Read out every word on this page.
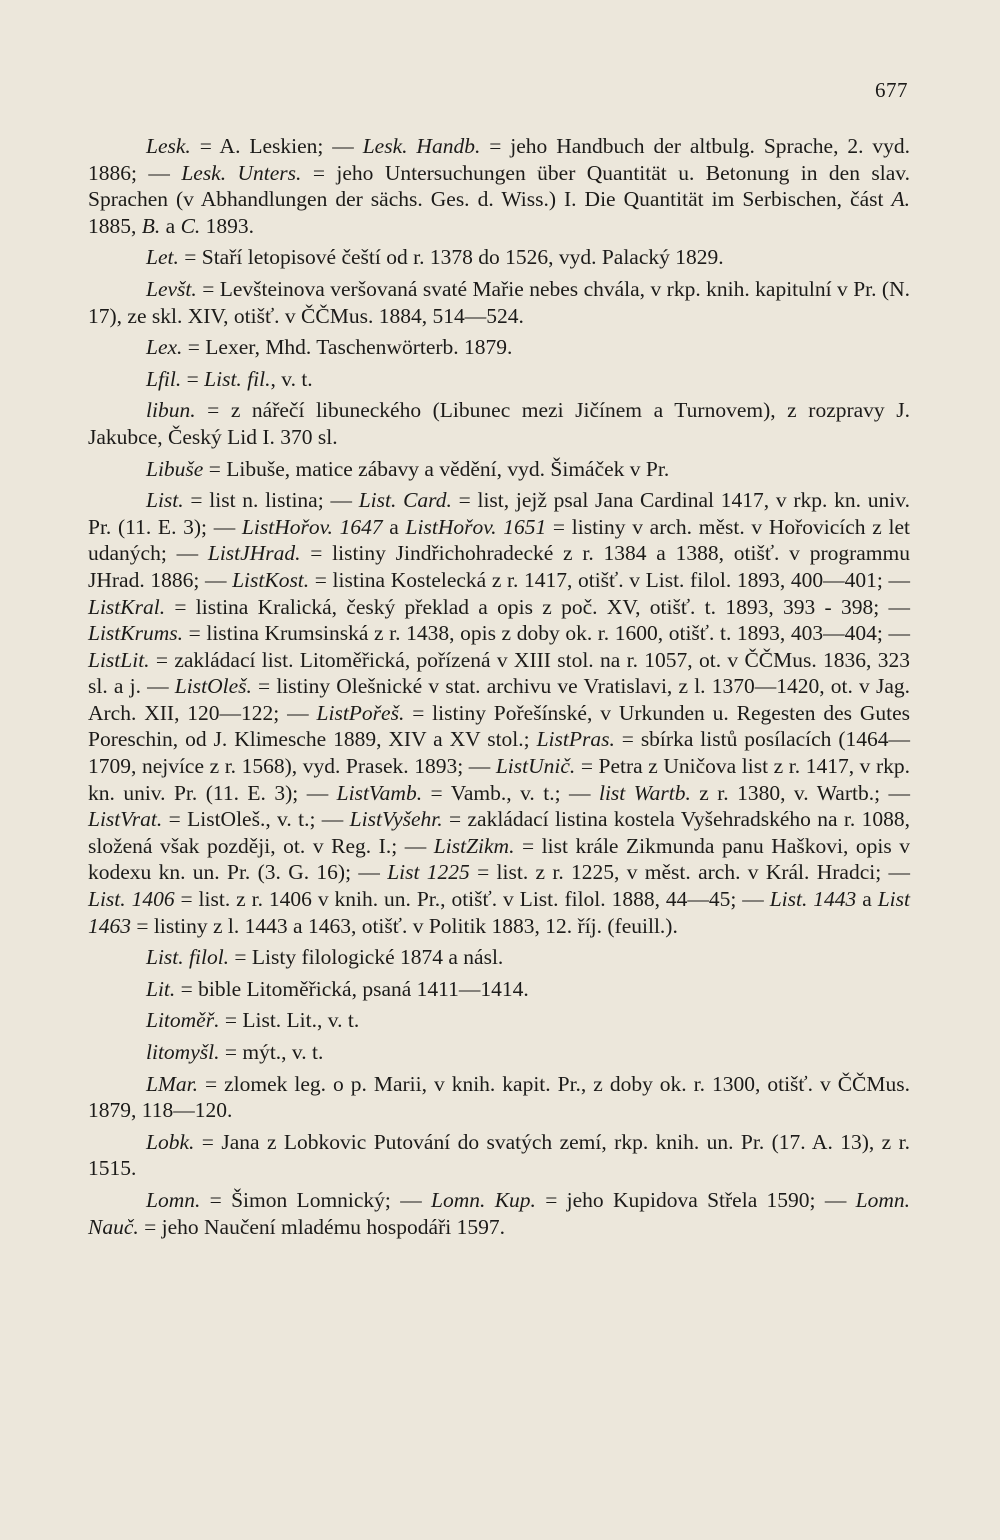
677

Lesk. = A. Leskien; — Lesk. Handb. = jeho Handbuch der altbulg. Sprache, 2. vyd. 1886; — Lesk. Unters. = jeho Untersuchungen über Quantität u. Betonung in den slav. Sprachen (v Abhandlungen der sächs. Ges. d. Wiss.) I. Die Quantität im Serbischen, část A. 1885, B. a C. 1893.

Let. = Staří letopisové čeští od r. 1378 do 1526, vyd. Palacký 1829.

Levšt. = Levšteinova veršovaná svaté Mařie nebes chvála, v rkp. knih. kapitulní v Pr. (N. 17), ze skl. XIV, otišť. v ČČMus. 1884, 514—524.

Lex. = Lexer, Mhd. Taschenwörterb. 1879.

Lfil. = List. fil., v. t.

libun. = z nářečí libuneckého (Libunec mezi Jičínem a Turnovem), z rozpravy J. Jakubce, Český Lid I. 370 sl.

Libuše = Libuše, matice zábavy a vědění, vyd. Šimáček v Pr.

List. = list n. listina; — List. Card. = list, jejž psal Jana Cardinal 1417, v rkp. kn. univ. Pr. (11. E. 3); — ListHořov. 1647 a ListHořov. 1651 = listiny v arch. měst. v Hořovicích z let udaných; — ListJHrad. = listiny Jindřichohradecké z r. 1384 a 1388, otišť. v programmu JHrad. 1886; — ListKost. = listina Kostelecká z r. 1417, otišť. v List. filol. 1893, 400—401; — ListKral. = listina Kralická, český překlad a opis z poč. XV, otišť. t. 1893, 393 - 398; — ListKrums. = listina Krumsinská z r. 1438, opis z doby ok. r. 1600, otišť. t. 1893, 403—404; — ListLit. = zakládací list. Litoměřická, pořízená v XIII stol. na r. 1057, ot. v ČČMus. 1836, 323 sl. a j. — ListOleš. = listiny Olešnické v stat. archivu ve Vratislavi, z l. 1370—1420, ot. v Jag. Arch. XII, 120—122; — ListPořeš. = listiny Pořešínské, v Urkunden u. Regesten des Gutes Poreschin, od J. Klimesche 1889, XIV a XV stol.; ListPras. = sbírka listů posílacích (1464—1709, nejvíce z r. 1568), vyd. Prasek. 1893; — ListUnič. = Petra z Uničova list z r. 1417, v rkp. kn. univ. Pr. (11. E. 3); — ListVamb. = Vamb., v. t.; — list Wartb. z r. 1380, v. Wartb.; — ListVrat. = ListOleš., v. t.; — ListVyšehr. = zakládací listina kostela Vyšehradského na r. 1088, složená však později, ot. v Reg. I.; — ListZikm. = list krále Zikmunda panu Haškovi, opis v kodexu kn. un. Pr. (3. G. 16); — List 1225 = list. z r. 1225, v měst. arch. v Král. Hradci; — List. 1406 = list. z r. 1406 v knih. un. Pr., otišť. v List. filol. 1888, 44—45; — List. 1443 a List 1463 = listiny z l. 1443 a 1463, otišť. v Politik 1883, 12. říj. (feuill.).

List. filol. = Listy filologické 1874 a násl.

Lit. = bible Litoměřická, psaná 1411—1414.

Litoměř. = List. Lit., v. t.

litomyšl. = mýt., v. t.

LMar. = zlomek leg. o p. Marii, v knih. kapit. Pr., z doby ok. r. 1300, otišť. v ČČMus. 1879, 118—120.

Lobk. = Jana z Lobkovic Putování do svatých zemí, rkp. knih. un. Pr. (17. A. 13), z r. 1515.

Lomn. = Šimon Lomnický; — Lomn. Kup. = jeho Kupidova Střela 1590; — Lomn. Nauč. = jeho Naučení mladému hospodáři 1597.
